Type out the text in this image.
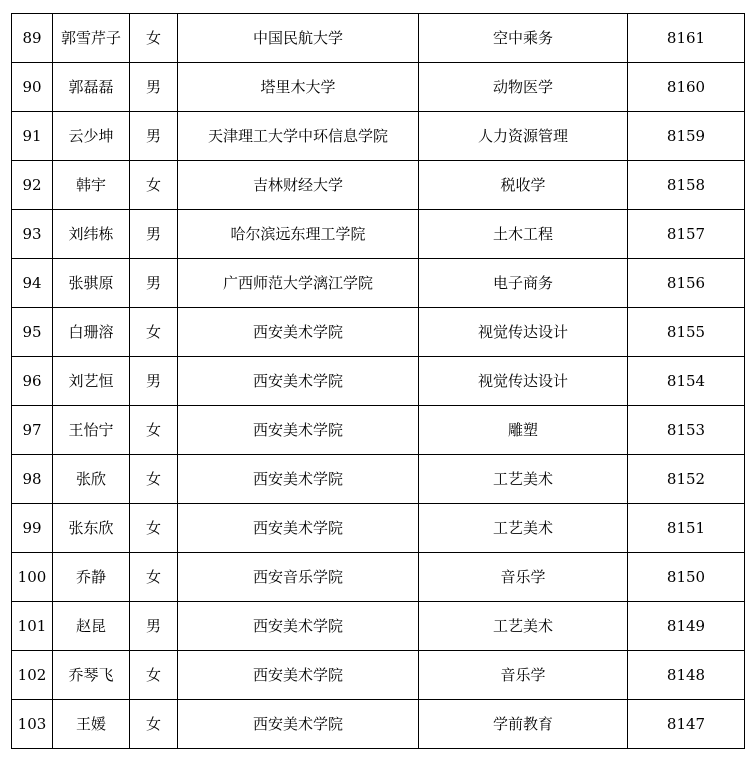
89	郭雪芹子	女	中国民航大学	空中乘务	8161
90	郭磊磊	男	塔里木大学	动物医学	8160
91	云少坤	男	天津理工大学中环信息学院	人力资源管理	8159
92	韩宇	女	吉林财经大学	税收学	8158
93	刘纬栋	男	哈尔滨远东理工学院	土木工程	8157
94	张骐原	男	广西师范大学漓江学院	电子商务	8156
95	白珊溶	女	西安美术学院	视觉传达设计	8155
96	刘艺恒	男	西安美术学院	视觉传达设计	8154
97	王怡宁	女	西安美术学院	雕塑	8153
98	张欣	女	西安美术学院	工艺美术	8152
99	张东欣	女	西安美术学院	工艺美术	8151
100	乔静	女	西安音乐学院	音乐学	8150
101	赵昆	男	西安美术学院	工艺美术	8149
102	乔琴飞	女	西安美术学院	音乐学	8148
103	王媛	女	西安美术学院	学前教育	8147
